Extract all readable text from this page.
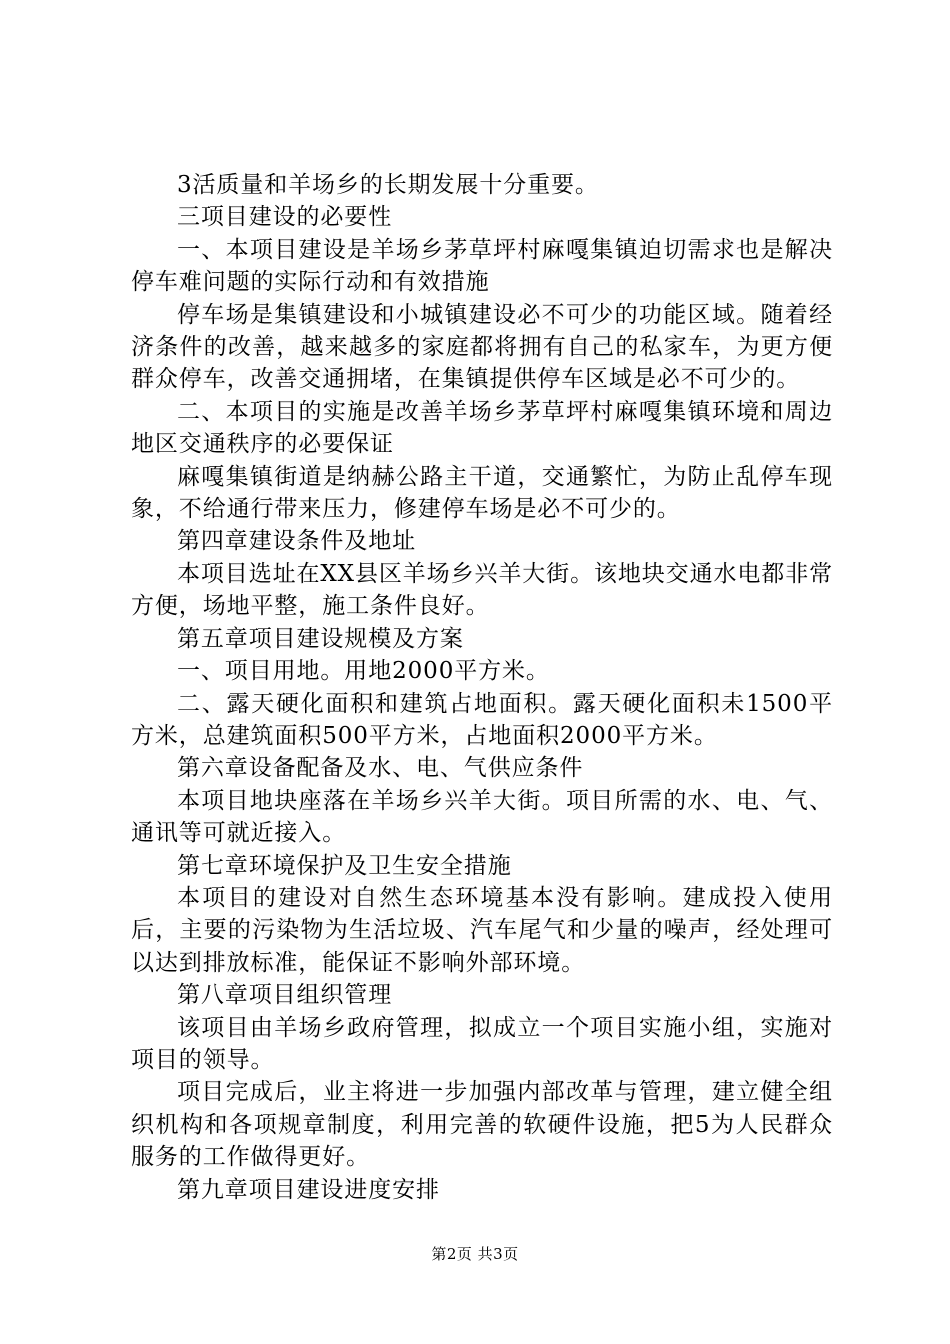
3活质量和羊场乡的长期发展十分重要。

三项目建设的必要性

一、本项目建设是羊场乡茅草坪村麻嘎集镇迫切需求也是解决停车难问题的实际行动和有效措施

停车场是集镇建设和小城镇建设必不可少的功能区域。随着经济条件的改善，越来越多的家庭都将拥有自己的私家车，为更方便群众停车，改善交通拥堵，在集镇提供停车区域是必不可少的。

二、本项目的实施是改善羊场乡茅草坪村麻嘎集镇环境和周边地区交通秩序的必要保证

麻嘎集镇街道是纳赫公路主干道，交通繁忙，为防止乱停车现象，不给通行带来压力，修建停车场是必不可少的。

第四章建设条件及地址

本项目选址在XX县区羊场乡兴羊大街。该地块交通水电都非常方便，场地平整，施工条件良好。

第五章项目建设规模及方案

一、项目用地。用地2000平方米。

二、露天硬化面积和建筑占地面积。露天硬化面积未1500平方米，总建筑面积500平方米，占地面积2000平方米。

第六章设备配备及水、电、气供应条件

本项目地块座落在羊场乡兴羊大街。项目所需的水、电、气、通讯等可就近接入。

第七章环境保护及卫生安全措施

本项目的建设对自然生态环境基本没有影响。建成投入使用后，主要的污染物为生活垃圾、汽车尾气和少量的噪声，经处理可以达到排放标准，能保证不影响外部环境。

第八章项目组织管理

该项目由羊场乡政府管理，拟成立一个项目实施小组，实施对项目的领导。

项目完成后，业主将进一步加强内部改革与管理，建立健全组织机构和各项规章制度，利用完善的软硬件设施，把5为人民群众服务的工作做得更好。

第九章项目建设进度安排

第2页 共3页
